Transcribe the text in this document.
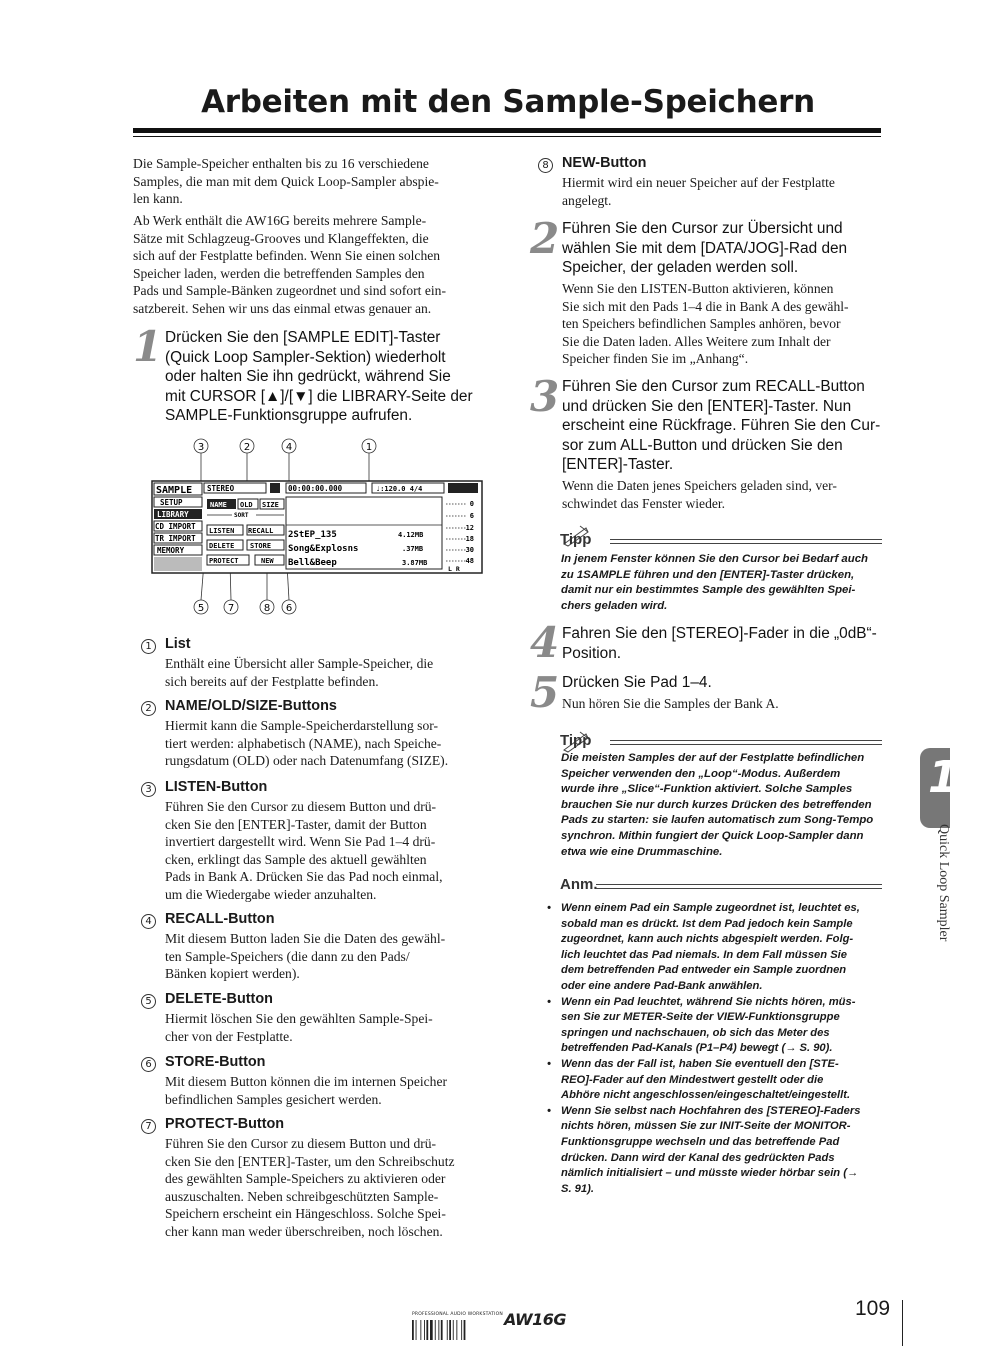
Arbeiten mit den Sample-Speichern
Die Sample-Speicher enthalten bis zu 16 verschiedene
Samples, die man mit dem Quick Loop-Sampler abspie-
len kann.
Ab Werk enthält die AW16G bereits mehrere Sample-
Sätze mit Schlagzeug-Grooves und Klangeffekten, die
sich auf der Festplatte befinden. Wenn Sie einen solchen
Speicher laden, werden die betreffenden Samples den
Pads und Sample-Bänken zugeordnet und sind sofort ein-
satzbereit. Sehen wir uns das einmal etwas genauer an.
1 Drücken Sie den [SAMPLE EDIT]-Taster
(Quick Loop Sampler-Sektion) wiederholt
oder halten Sie ihn gedrückt, während Sie
mit CURSOR [▲]/[▼] die LIBRARY-Seite der
SAMPLE-Funktionsgruppe aufrufen.
3	2	4	1
5 7	8 6
SAMPLE
SETUP
LIBRARY
CD IMPORT
TR IMPORT
MEMORY
STEREO	00:00:00.000	♩:120.0 4/4
NAME OLD SIZE
SORT
LISTEN RECALL
DELETE STORE
PROTECT	NEW
2StEP_135	4.12MB
Song&Explosns	.37MB
Bell&Beep	3.87MB
0
6
12
18
30
48
L R
1 List
Enthält eine Übersicht aller Sample-Speicher, die
sich bereits auf der Festplatte befinden.
2 NAME/OLD/SIZE-Buttons
Hiermit kann die Sample-Speicherdarstellung sor-
tiert werden: alphabetisch (NAME), nach Speiche-
rungsdatum (OLD) oder nach Datenumfang (SIZE).
3 LISTEN-Button
Führen Sie den Cursor zu diesem Button und drü-
cken Sie den [ENTER]-Taster, damit der Button
invertiert dargestellt wird. Wenn Sie Pad 1–4 drü-
cken, erklingt das Sample des aktuell gewählten
Pads in Bank A. Drücken Sie das Pad noch einmal,
um die Wiedergabe wieder anzuhalten.
4 RECALL-Button
Mit diesem Button laden Sie die Daten des gewähl-
ten Sample-Speichers (die dann zu den Pads/
Bänken kopiert werden).
5 DELETE-Button
Hiermit löschen Sie den gewählten Sample-Spei-
cher von der Festplatte.
6 STORE-Button
Mit diesem Button können die im internen Speicher
befindlichen Samples gesichert werden.
7 PROTECT-Button
Führen Sie den Cursor zu diesem Button und drü-
cken Sie den [ENTER]-Taster, um den Schreibschutz
des gewählten Sample-Speichers zu aktivieren oder
auszuschalten. Neben schreibgeschützten Sample-
Speichern erscheint ein Hängeschloss. Solche Spei-
cher kann man weder überschreiben, noch löschen.
8 NEW-Button
Hiermit wird ein neuer Speicher auf der Festplatte
angelegt.
2 Führen Sie den Cursor zur Übersicht und
wählen Sie mit dem [DATA/JOG]-Rad den
Speicher, der geladen werden soll.
Wenn Sie den LISTEN-Button aktivieren, können
Sie sich mit den Pads 1–4 die in Bank A des gewähl-
ten Speichers befindlichen Samples anhören, bevor
Sie die Daten laden. Alles Weitere zum Inhalt der
Speicher finden Sie im „Anhang“.
3 Führen Sie den Cursor zum RECALL-Button
und drücken Sie den [ENTER]-Taster. Nun
erscheint eine Rückfrage. Führen Sie den Cur-
sor zum ALL-Button und drücken Sie den
[ENTER]-Taster.
Wenn die Daten jenes Speichers geladen sind, ver-
schwindet das Fenster wieder.
Tipp
In jenem Fenster können Sie den Cursor bei Bedarf auch
zu 1SAMPLE führen und den [ENTER]-Taster drücken,
damit nur ein bestimmtes Sample des gewählten Spei-
chers geladen wird.
4 Fahren Sie den [STEREO]-Fader in die „0dB“-
Position.
5 Drücken Sie Pad 1–4.
Nun hören Sie die Samples der Bank A.
Tipp
Die meisten Samples der auf der Festplatte befindlichen
Speicher verwenden den „Loop“-Modus. Außerdem
wurde ihre „Slice“-Funktion aktiviert. Solche Samples
brauchen Sie nur durch kurzes Drücken des betreffenden
Pads zu starten: sie laufen automatisch zum Song-Tempo
synchron. Mithin fungiert der Quick Loop-Sampler dann
etwa wie eine Drummaschine.
Anm.
• Wenn einem Pad ein Sample zugeordnet ist, leuchtet es,
sobald man es drückt. Ist dem Pad jedoch kein Sample
zugeordnet, kann auch nichts abgespielt werden. Folg-
lich leuchtet das Pad niemals. In dem Fall müssen Sie
dem betreffenden Pad entweder ein Sample zuordnen
oder eine andere Pad-Bank anwählen.
• Wenn ein Pad leuchtet, während Sie nichts hören, müs-
sen Sie zur METER-Seite der VIEW-Funktionsgruppe
springen und nachschauen, ob sich das Meter des
betreffenden Pad-Kanals (P1–P4) bewegt (→ S. 90).
• Wenn das der Fall ist, haben Sie eventuell den [STE-
REO]-Fader auf den Mindestwert gestellt oder die
Abhöre nicht angeschlossen/eingeschaltet/eingestellt.
• Wenn Sie selbst nach Hochfahren des [STEREO]-Faders
nichts hören, müssen Sie zur INIT-Seite der MONITOR-
Funktionsgruppe wechseln und das betreffende Pad
drücken. Dann wird der Kanal des gedrückten Pads
nämlich initialisiert – und müsste wieder hörbar sein (→
S. 91).
11
Quick Loop Sampler
109
PROFESSIONAL AUDIO WORKSTATION AW16G
